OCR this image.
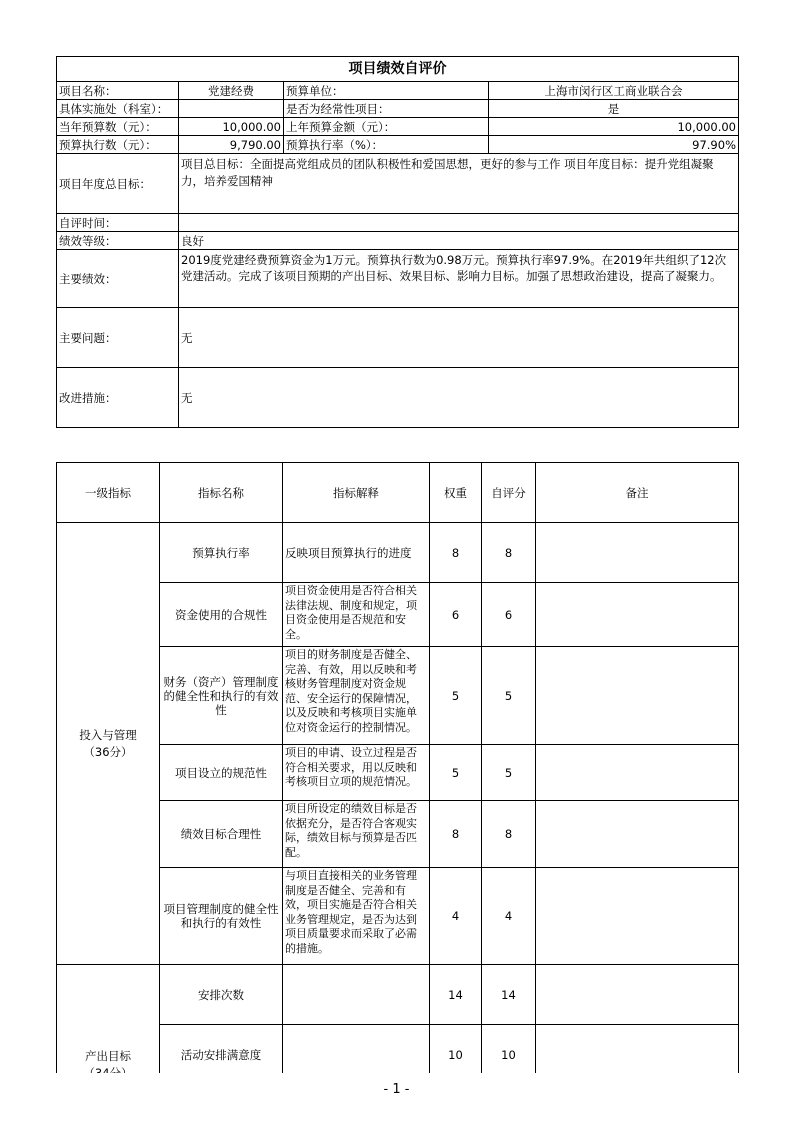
项目绩效自评价			
项目名称：	党建经费	预算单位：	上海市闵行区工商业联合会
具体实施处（科室）：		是否为经常性项目：	是
当年预算数（元）：	10,000.00	上年预算金额（元）：	10,000.00
预算执行数（元）：	9,790.00	预算执行率（%）：	97.90%
项目年度总目标：	项目总目标：全面提高党组成员的团队积极性和爱国思想，更好的参与工作 项目年度目标：提升党组凝聚力，培养爱国精神		
自评时间：			
绩效等级：	良好		
主要绩效：	2019度党建经费预算资金为1万元。预算执行数为0.98万元。预算执行率97.9%。在2019年共组织了12次党建活动。完成了该项目预期的产出目标、效果目标、影响力目标。加强了思想政治建设，提高了凝聚力。		
主要问题：	无		
改进措施：	无		
一级指标	指标名称	指标解释	权重	自评分	备注
投入与管理
（36分）	预算执行率	反映项目预算执行的进度	8	8	
	资金使用的合规性	项目资金使用是否符合相关法律法规、制度和规定，项目资金使用是否规范和安全。	6	6	
	财务（资产）管理制度的健全性和执行的有效性	项目的财务制度是否健全、完善、有效，用以反映和考核财务管理制度对资金规范、安全运行的保障情况，以及反映和考核项目实施单位对资金运行的控制情况。	5	5	
	项目设立的规范性	项目的申请、设立过程是否符合相关要求，用以反映和考核项目立项的规范情况。	5	5	
	绩效目标合理性	项目所设定的绩效目标是否依据充分，是否符合客观实际，绩效目标与预算是否匹配。	8	8	
	项目管理制度的健全性和执行的有效性	与项目直接相关的业务管理制度是否健全、完善和有效，项目实施是否符合相关业务管理规定，是否为达到项目质量要求而采取了必需的措施。	4	4	
产出目标	安排次数		14	14	
	活动安排满意度		10	10	
- 1 -
